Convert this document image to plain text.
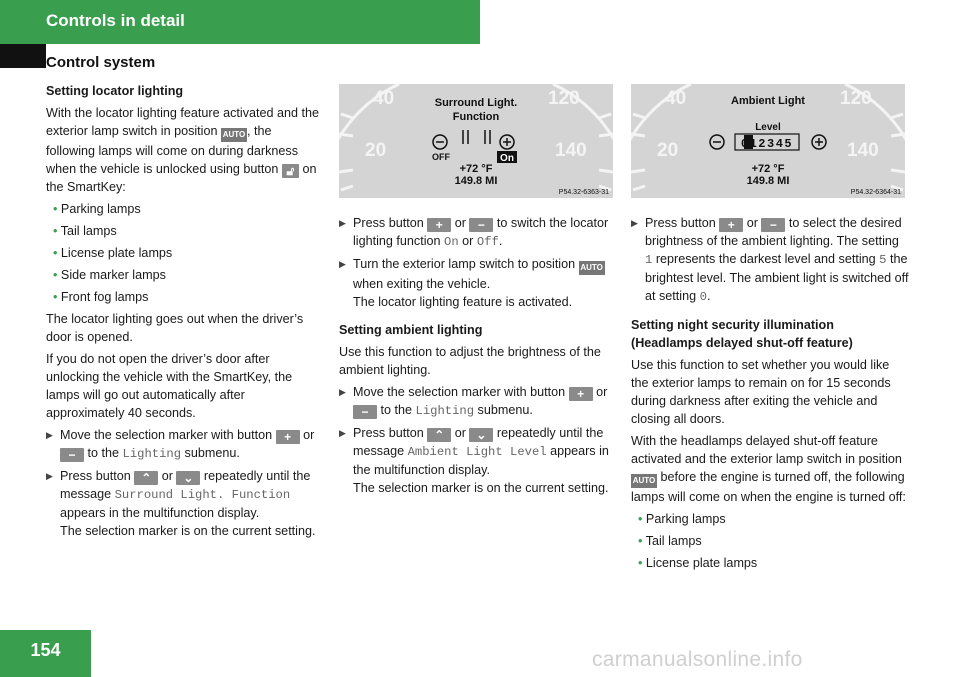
Controls in detail
Control system

Setting locator lighting

With the locator lighting feature activated and the exterior lamp switch in position AUTO , the following lamps will come on during darkness when the vehicle is unlocked using button 🔓︎ on the SmartKey:

• Parking lamps

• Tail lamps

• License plate lamps

• Side marker lamps

• Front fog lamps

The locator lighting goes out when the driver’s door is opened.

If you do not open the driver’s door after unlocking the vehicle with the SmartKey, the lamps will go out automatically after approximately 40 seconds.

▶ Move the selection marker with button + or − to the Lighting submenu.

▶ Press button ⌃ or ⌄ repeatedly until the message Surround Light. Function appears in the multifunction display.
The selection marker is on the current setting.

40
20
120
140
Surround Light.
Function
OFF	On
+72 °F
149.8 MI
P54.32-6363-31
40
20
120
140
Ambient Light
Level
012345
+72 °F
149.8 MI
P54.32-6364-31

▶ Press button + or − to switch the locator lighting function On or Off.

▶ Turn the exterior lamp switch to position AUTO when exiting the vehicle.
The locator lighting feature is activated.

Setting ambient lighting

Use this function to adjust the brightness of the ambient lighting.

▶ Move the selection marker with button + or − to the Lighting submenu.

▶ Press button ⌃ or ⌄ repeatedly until the message Ambient Light Level appears in the multifunction display.
The selection marker is on the current setting.

▶ Press button + or − to select the desired brightness of the ambient lighting. The setting 1 represents the darkest level and setting 5 the brightest level. The ambient light is switched off at setting 0.

Setting night security illumination

(Headlamps delayed shut-off feature)

Use this function to set whether you would like the exterior lamps to remain on for 15 seconds during darkness after exiting the vehicle and closing all doors.

With the headlamps delayed shut-off feature activated and the exterior lamp switch in position AUTO before the engine is turned off, the following lamps will come on when the engine is turned off:

• Parking lamps

• Tail lamps

• License plate lamps

154	carmanualsonline.info
